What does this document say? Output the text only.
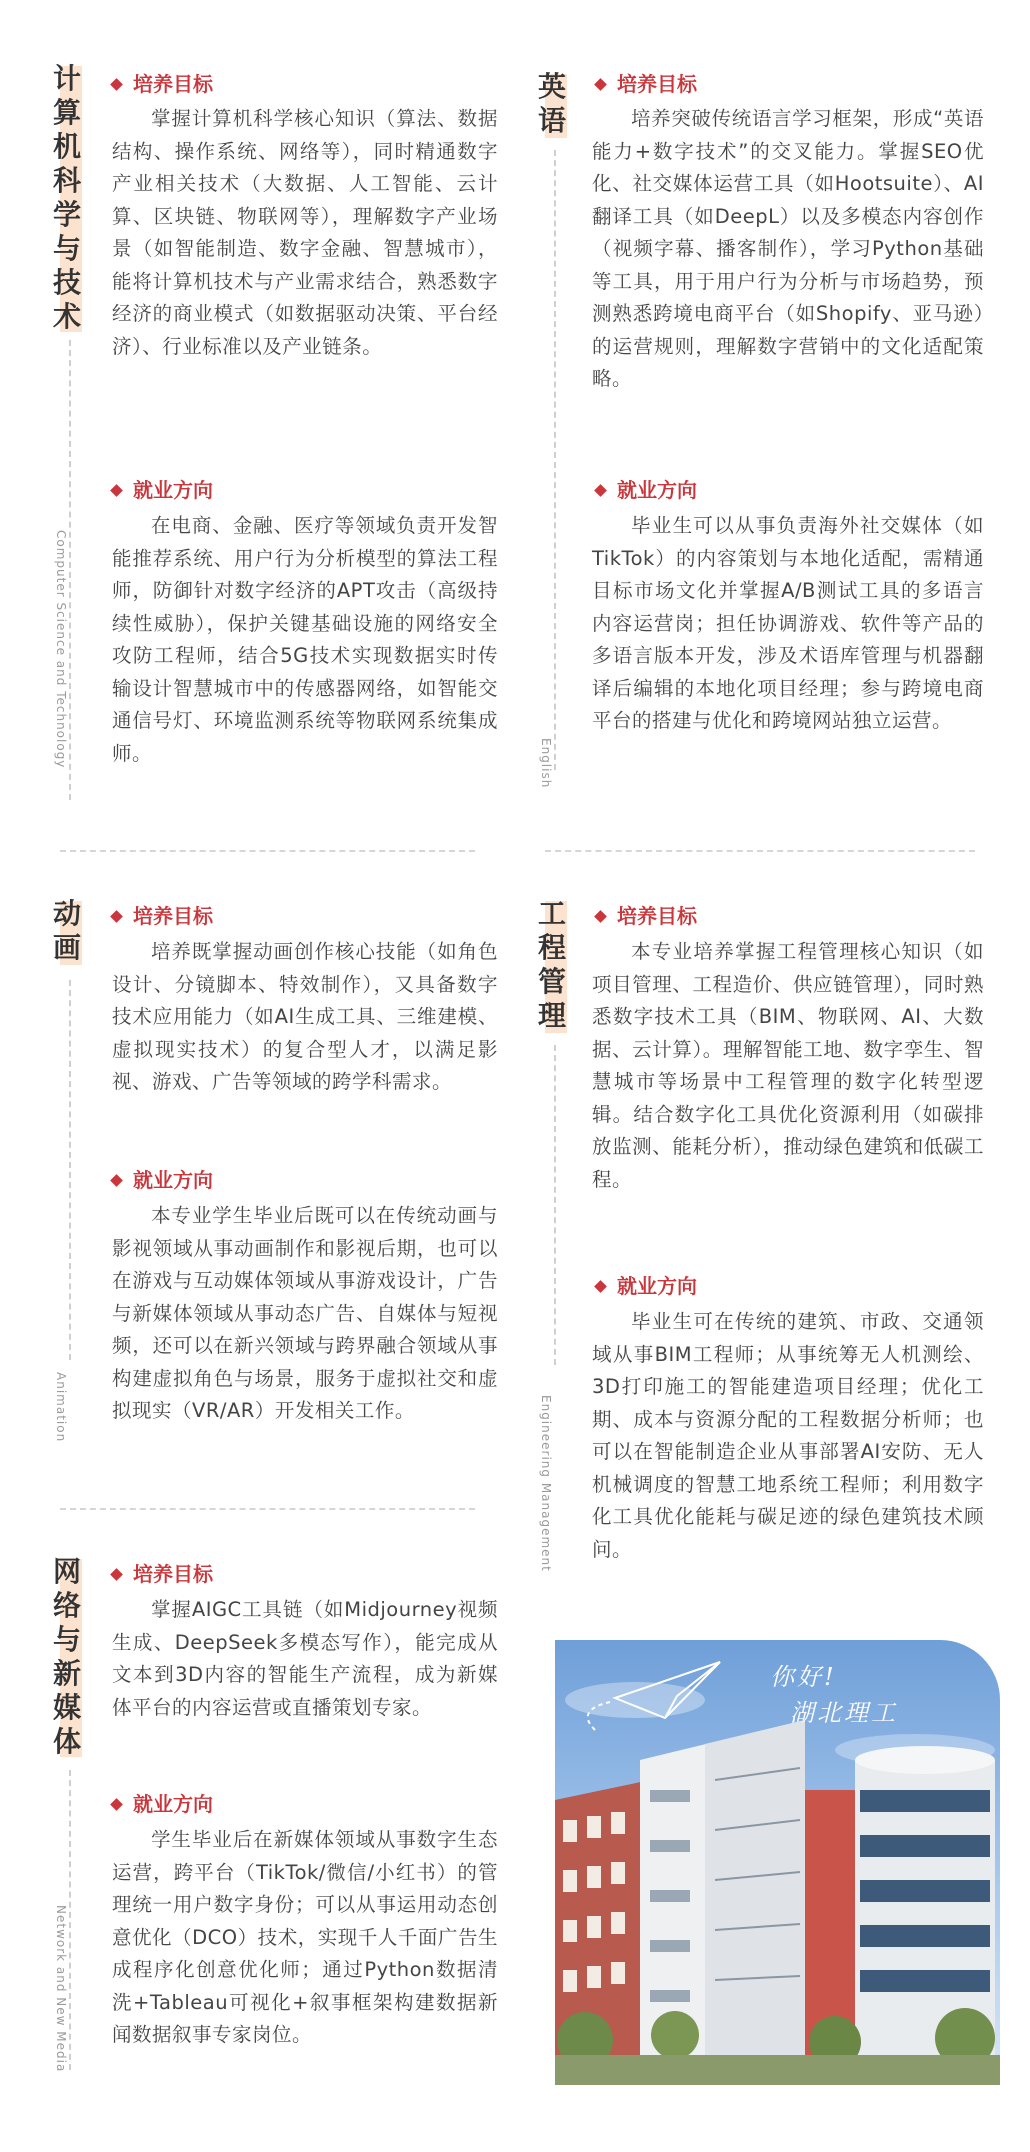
计算机科学与技术
Computer Science and Technology
培养目标
掌握计算机科学核心知识（算法、数据结构、操作系统、网络等），同时精通数字产业相关技术（大数据、人工智能、云计算、区块链、物联网等），理解数字产业场景（如智能制造、数字金融、智慧城市），能将计算机技术与产业需求结合，熟悉数字经济的商业模式（如数据驱动决策、平台经济）、行业标准以及产业链条。
就业方向
在电商、金融、医疗等领域负责开发智能推荐系统、用户行为分析模型的算法工程师，防御针对数字经济的APT攻击（高级持续性威胁），保护关键基础设施的网络安全攻防工程师，结合5G技术实现数据实时传输设计智慧城市中的传感器网络，如智能交通信号灯、环境监测系统等物联网系统集成师。
英语
English
培养目标
培养突破传统语言学习框架，形成“英语能力+数字技术”的交叉能力。掌握SEO优化、社交媒体运营工具（如Hootsuite）、AI翻译工具（如DeepL）以及多模态内容创作（视频字幕、播客制作），学习Python基础等工具，用于用户行为分析与市场趋势，预测熟悉跨境电商平台（如Shopify、亚马逊）的运营规则，理解数字营销中的文化适配策略。
就业方向
毕业生可以从事负责海外社交媒体（如TikTok）的内容策划与本地化适配，需精通目标市场文化并掌握A/B测试工具的多语言内容运营岗；担任协调游戏、软件等产品的多语言版本开发，涉及术语库管理与机器翻译后编辑的本地化项目经理；参与跨境电商平台的搭建与优化和跨境网站独立运营。
动画
Animation
培养目标
培养既掌握动画创作核心技能（如角色设计、分镜脚本、特效制作），又具备数字技术应用能力（如AI生成工具、三维建模、虚拟现实技术）的复合型人才，以满足影视、游戏、广告等领域的跨学科需求。
就业方向
本专业学生毕业后既可以在传统动画与影视领域从事动画制作和影视后期，也可以在游戏与互动媒体领域从事游戏设计，广告与新媒体领域从事动态广告、自媒体与短视频，还可以在新兴领域与跨界融合领域从事构建虚拟角色与场景，服务于虚拟社交和虚拟现实（VR/AR）开发相关工作。
工程管理
Engineering Management
培养目标
本专业培养掌握工程管理核心知识（如项目管理、工程造价、供应链管理），同时熟悉数字技术工具（BIM、物联网、AI、大数据、云计算）。理解智能工地、数字孪生、智慧城市等场景中工程管理的数字化转型逻辑。结合数字化工具优化资源利用（如碳排放监测、能耗分析），推动绿色建筑和低碳工程。
就业方向
毕业生可在传统的建筑、市政、交通领域从事BIM工程师；从事统筹无人机测绘、3D打印施工的智能建造项目经理；优化工期、成本与资源分配的工程数据分析师；也可以在智能制造企业从事部署AI安防、无人机械调度的智慧工地系统工程师；利用数字化工具优化能耗与碳足迹的绿色建筑技术顾问。
网络与新媒体
Network and New Media
培养目标
掌握AIGC工具链（如Midjourney视频生成、DeepSeek多模态写作），能完成从文本到3D内容的智能生产流程，成为新媒体平台的内容运营或直播策划专家。
就业方向
学生毕业后在新媒体领域从事数字生态运营，跨平台（TikTok/微信/小红书）的管理统一用户数字身份；可以从事运用动态创意优化（DCO）技术，实现千人千面广告生成程序化创意优化师；通过Python数据清洗+Tableau可视化+叙事框架构建数据新闻数据叙事专家岗位。
你好!
湖北理工
